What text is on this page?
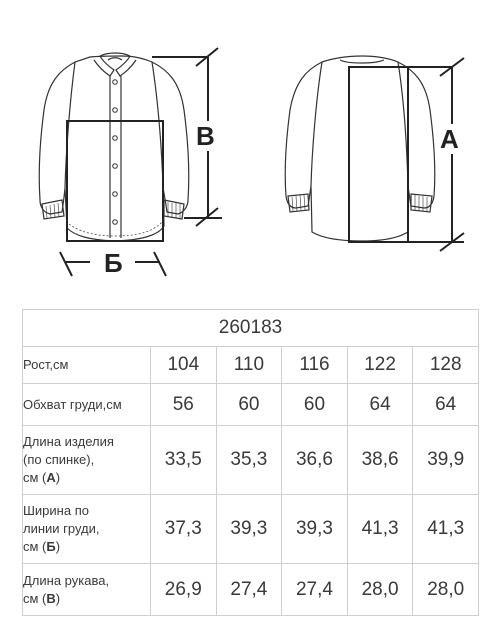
В
Б
А
260183					
Рост,см	104	110	116	122	128
Обхват груди,см	56	60	60	64	64

Длина изделия
(по спинке),
см (А)	33,5	35,3	36,6	38,6	39,9

Ширина по
линии груди,
см (Б)	37,3	39,3	39,3	41,3	41,3

Длина рукава,
см (В)	26,9	27,4	27,4	28,0	28,0
